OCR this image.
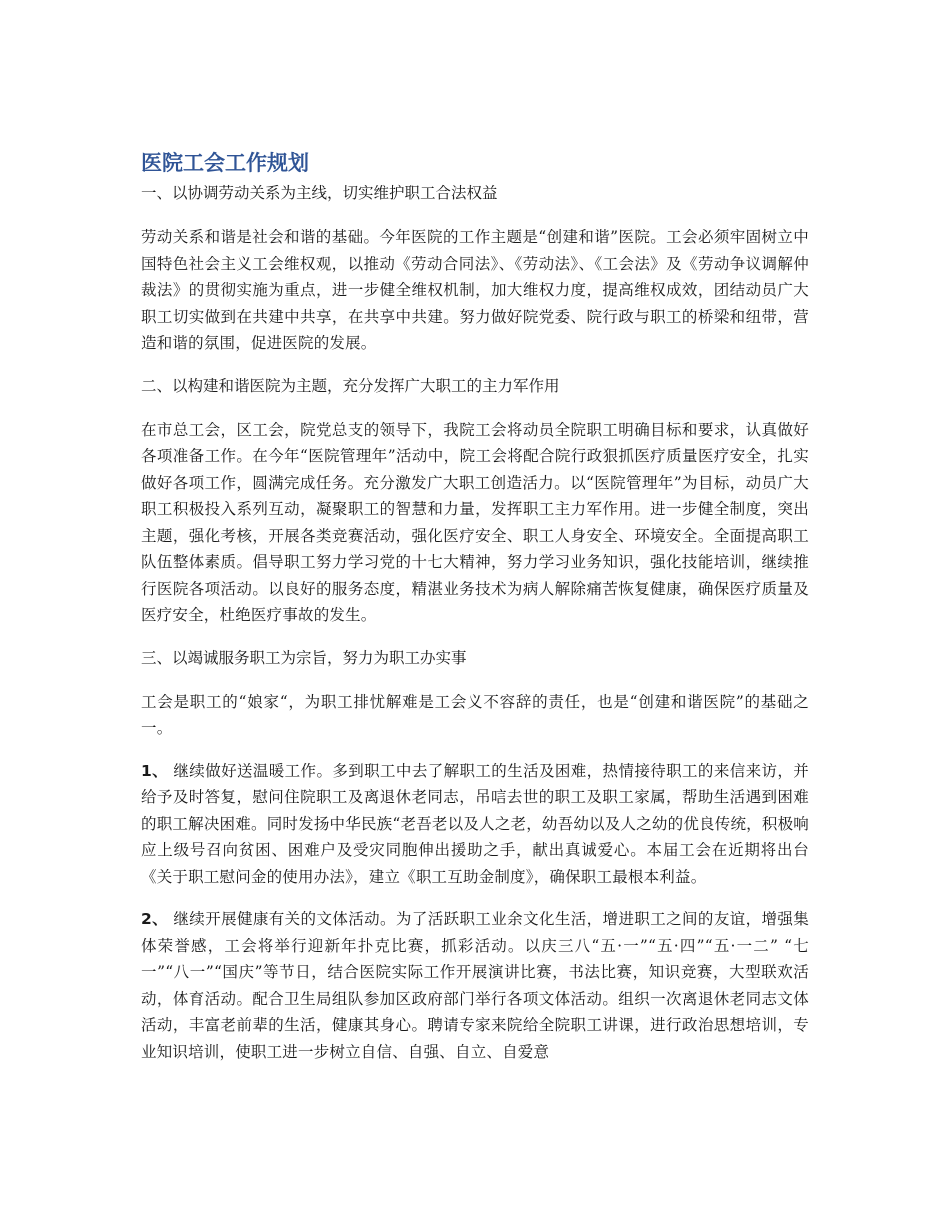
医院工会工作规划

一、以协调劳动关系为主线，切实维护职工合法权益

劳动关系和谐是社会和谐的基础。今年医院的工作主题是“创建和谐”医院。工会必须牢固树立中国特色社会主义工会维权观，以推动《劳动合同法》、《劳动法》、《工会法》及《劳动争议调解仲裁法》的贯彻实施为重点，进一步健全维权机制，加大维权力度，提高维权成效，团结动员广大职工切实做到在共建中共享，在共享中共建。努力做好院党委、院行政与职工的桥梁和纽带，营造和谐的氛围，促进医院的发展。

二、以构建和谐医院为主题，充分发挥广大职工的主力军作用

在市总工会，区工会，院党总支的领导下，我院工会将动员全院职工明确目标和要求，认真做好各项准备工作。在今年“医院管理年”活动中，院工会将配合院行政狠抓医疗质量医疗安全，扎实做好各项工作，圆满完成任务。充分激发广大职工创造活力。以“医院管理年”为目标，动员广大职工积极投入系列互动，凝聚职工的智慧和力量，发挥职工主力军作用。进一步健全制度，突出主题，强化考核，开展各类竞赛活动，强化医疗安全、职工人身安全、环境安全。全面提高职工队伍整体素质。倡导职工努力学习党的十七大精神，努力学习业务知识，强化技能培训，继续推行医院各项活动。以良好的服务态度，精湛业务技术为病人解除痛苦恢复健康，确保医疗质量及医疗安全，杜绝医疗事故的发生。

三、以竭诚服务职工为宗旨，努力为职工办实事

工会是职工的“娘家“，为职工排忧解难是工会义不容辞的责任，也是“创建和谐医院”的基础之一。

1、 继续做好送温暖工作。多到职工中去了解职工的生活及困难，热情接待职工的来信来访，并给予及时答复，慰问住院职工及离退休老同志，吊唁去世的职工及职工家属，帮助生活遇到困难的职工解决困难。同时发扬中华民族“老吾老以及人之老，幼吾幼以及人之幼的优良传统，积极响应上级号召向贫困、困难户及受灾同胞伸出援助之手，献出真诚爱心。本届工会在近期将出台《关于职工慰问金的使用办法》，建立《职工互助金制度》，确保职工最根本利益。

2、 继续开展健康有关的文体活动。为了活跃职工业余文化生活，增进职工之间的友谊，增强集体荣誉感，工会将举行迎新年扑克比赛，抓彩活动。以庆三八“五·一”“五·四”“五·一二” “七一”“八一”“国庆”等节日，结合医院实际工作开展演讲比赛，书法比赛，知识竞赛，大型联欢活动，体育活动。配合卫生局组队参加区政府部门举行各项文体活动。组织一次离退休老同志文体活动，丰富老前辈的生活，健康其身心。聘请专家来院给全院职工讲课，进行政治思想培训，专业知识培训，使职工进一步树立自信、自强、自立、自爱意
